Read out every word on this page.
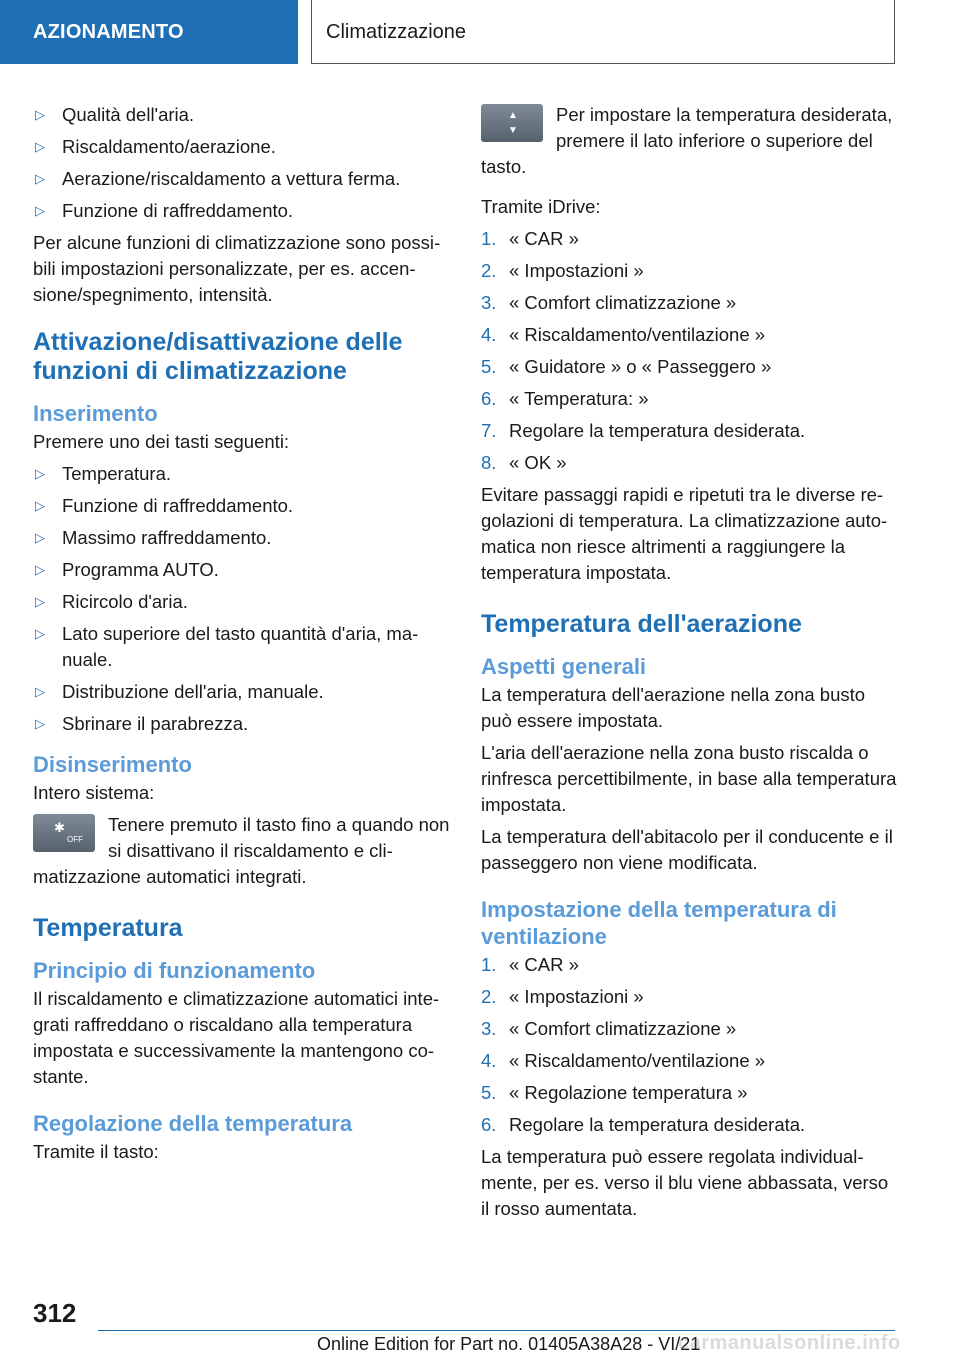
AZIONAMENTO	Climatizzazione
▷ Qualità dell'aria.
▷ Riscaldamento/aerazione.
▷ Aerazione/riscaldamento a vettura ferma.
▷ Funzione di raffreddamento.

Per alcune funzioni di climatizzazione sono possibili impostazioni personalizzate, per es. accensione/spegnimento, intensità.

Attivazione/disattivazione delle funzioni di climatizzazione
Inserimento

Premere uno dei tasti seguenti:

▷ Temperatura.
▷ Funzione di raffreddamento.
▷ Massimo raffreddamento.
▷ Programma AUTO.
▷ Ricircolo d'aria.
▷ Lato superiore del tasto quantità d'aria, manuale.
▷ Distribuzione dell'aria, manuale.
▷ Sbrinare il parabrezza.
Disinserimento

Intero sistema:

✱
OFF
Tenere premuto il tasto fino a quando non si disattivano il riscaldamento e climatizzazione automatici integrati.
Temperatura
Principio di funzionamento

Il riscaldamento e climatizzazione automatici integrati raffreddano o riscaldano alla temperatura impostata e successivamente la mantengono costante.

Regolazione della temperatura

Tramite il tasto:

▲
▼
Per impostare la temperatura desiderata, premere il lato inferiore o superiore del tasto.

Tramite iDrive:

1. « CAR »
2. « Impostazioni »
3. « Comfort climatizzazione »
4. « Riscaldamento/ventilazione »
5. « Guidatore » o « Passeggero »
6. « Temperatura: »
7. Regolare la temperatura desiderata.
8. « OK »

Evitare passaggi rapidi e ripetuti tra le diverse regolazioni di temperatura. La climatizzazione automatica non riesce altrimenti a raggiungere la temperatura impostata.

Temperatura dell'aerazione
Aspetti generali

La temperatura dell'aerazione nella zona busto può essere impostata.

L'aria dell'aerazione nella zona busto riscalda o rinfresca percettibilmente, in base alla temperatura impostata.

La temperatura dell'abitacolo per il conducente e il passeggero non viene modificata.

Impostazione della temperatura di ventilazione
1. « CAR »
2. « Impostazioni »
3. « Comfort climatizzazione »
4. « Riscaldamento/ventilazione »
5. « Regolazione temperatura »
6. Regolare la temperatura desiderata.

La temperatura può essere regolata individualmente, per es. verso il blu viene abbassata, verso il rosso aumentata.

312
Online Edition for Part no. 01405A38A28 - VI/21
carmanualsonline.info
